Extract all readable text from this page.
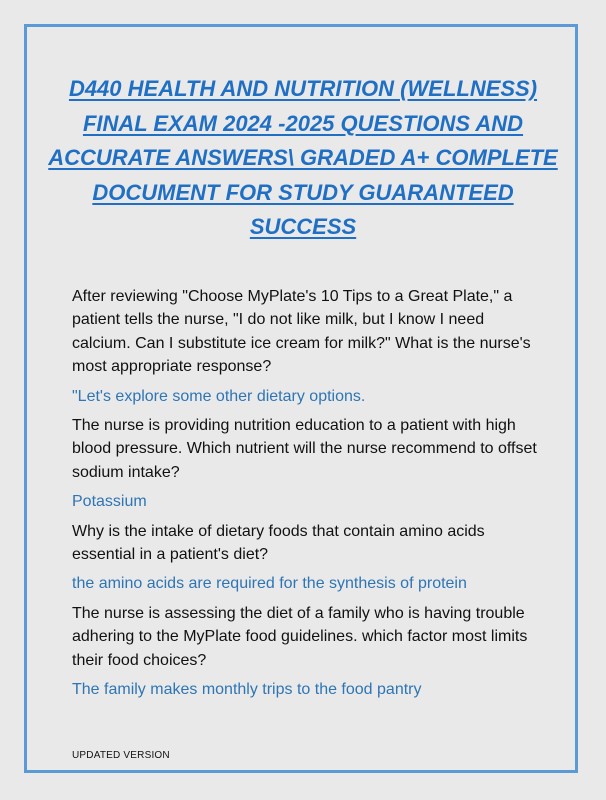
D440 HEALTH AND NUTRITION (WELLNESS) FINAL EXAM 2024 -2025 QUESTIONS AND ACCURATE ANSWERS\ GRADED A+ COMPLETE DOCUMENT FOR STUDY GUARANTEED SUCCESS

After reviewing "Choose MyPlate's 10 Tips to a Great Plate," a patient tells the nurse, "I do not like milk, but I know I need calcium. Can I substitute ice cream for milk?" What is the nurse's most appropriate response?

"Let's explore some other dietary options.

The nurse is providing nutrition education to a patient with high blood pressure. Which nutrient will the nurse recommend to offset sodium intake?

Potassium

Why is the intake of dietary foods that contain amino acids essential in a patient's diet?

the amino acids are required for the synthesis of protein

The nurse is assessing the diet of a family who is having trouble adhering to the MyPlate food guidelines. which factor most limits their food choices?

The family makes monthly trips to the food pantry

UPDATED VERSION
